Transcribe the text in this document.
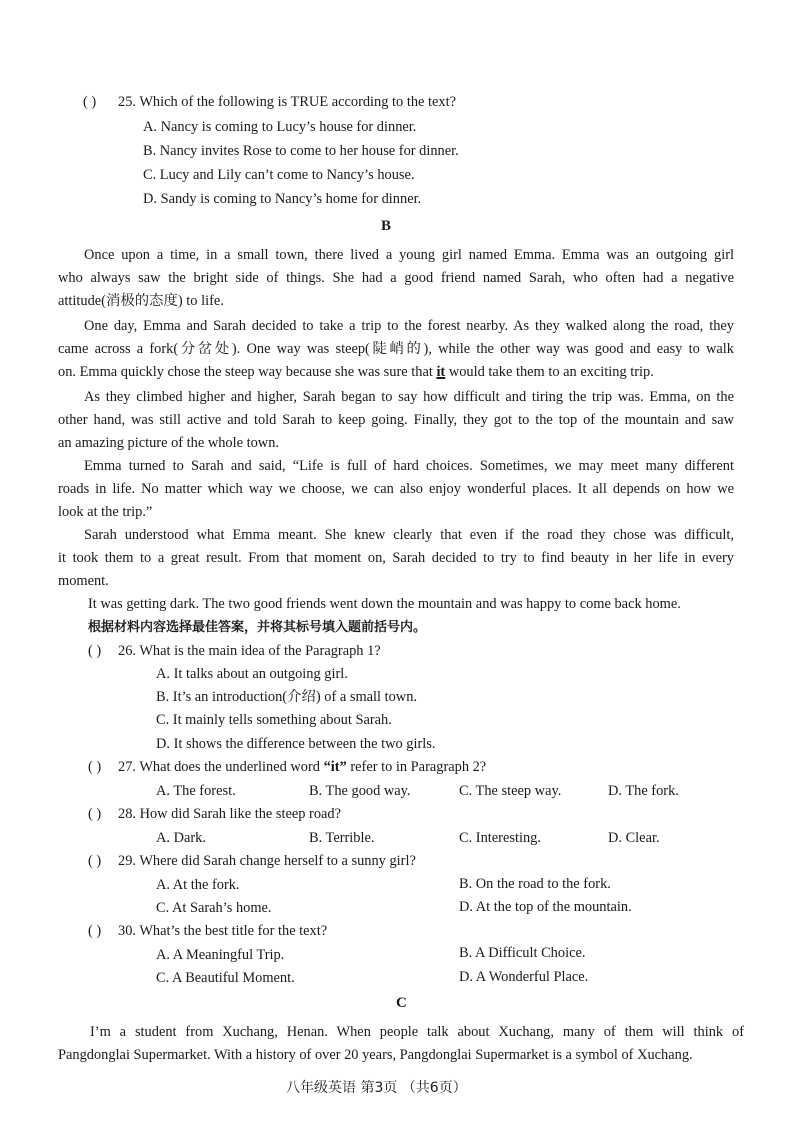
( ) 25. Which of the following is TRUE according to the text?
A. Nancy is coming to Lucy’s house for dinner.
B. Nancy invites Rose to come to her house for dinner.
C. Lucy and Lily can’t come to Nancy’s house.
D. Sandy is coming to Nancy’s home for dinner.
B
Once upon a time, in a small town, there lived a young girl named Emma. Emma was an outgoing girl
who always saw the bright side of things. She had a good friend named Sarah, who often had a negative
attitude(消极的态度) to life.
One day, Emma and Sarah decided to take a trip to the forest nearby. As they walked along the road, they
came across a fork(分岔处). One way was steep(陡峭的), while the other way was good and easy to walk
on. Emma quickly chose the steep way because she was sure that it would take them to an exciting trip.
As they climbed higher and higher, Sarah began to say how difficult and tiring the trip was. Emma, on the
other hand, was still active and told Sarah to keep going. Finally, they got to the top of the mountain and saw
an amazing picture of the whole town.
Emma turned to Sarah and said, “Life is full of hard choices. Sometimes, we may meet many different
roads in life. No matter which way we choose, we can also enjoy wonderful places. It all depends on how we
look at the trip.”
Sarah understood what Emma meant. She knew clearly that even if the road they chose was difficult,
it took them to a great result. From that moment on, Sarah decided to try to find beauty in her life in every
moment.
It was getting dark. The two good friends went down the mountain and was happy to come back home.
根据材料内容选择最佳答案，并将其标号填入题前括号内。
( ) 26. What is the main idea of the Paragraph 1?
A. It talks about an outgoing girl.
B. It’s an introduction(介绍) of a small town.
C. It mainly tells something about Sarah.
D. It shows the difference between the two girls.
( ) 27. What does the underlined word “it” refer to in Paragraph 2?
A. The forest.	B. The good way.	C. The steep way.	D. The fork.
( ) 28. How did Sarah like the steep road?
A. Dark.	B. Terrible.	C. Interesting.	D. Clear.
( ) 29. Where did Sarah change herself to a sunny girl?
A. At the fork.	B. On the road to the fork.
C. At Sarah’s home.	D. At the top of the mountain.
( ) 30. What’s the best title for the text?
A. A Meaningful Trip.	B. A Difficult Choice.
C. A Beautiful Moment.	D. A Wonderful Place.
C
I’m a student from Xuchang, Henan. When people talk about Xuchang, many of them will think of
Pangdonglai Supermarket. With a history of over 20 years, Pangdonglai Supermarket is a symbol of Xuchang.
八年级英语 第3页 （共6页）
